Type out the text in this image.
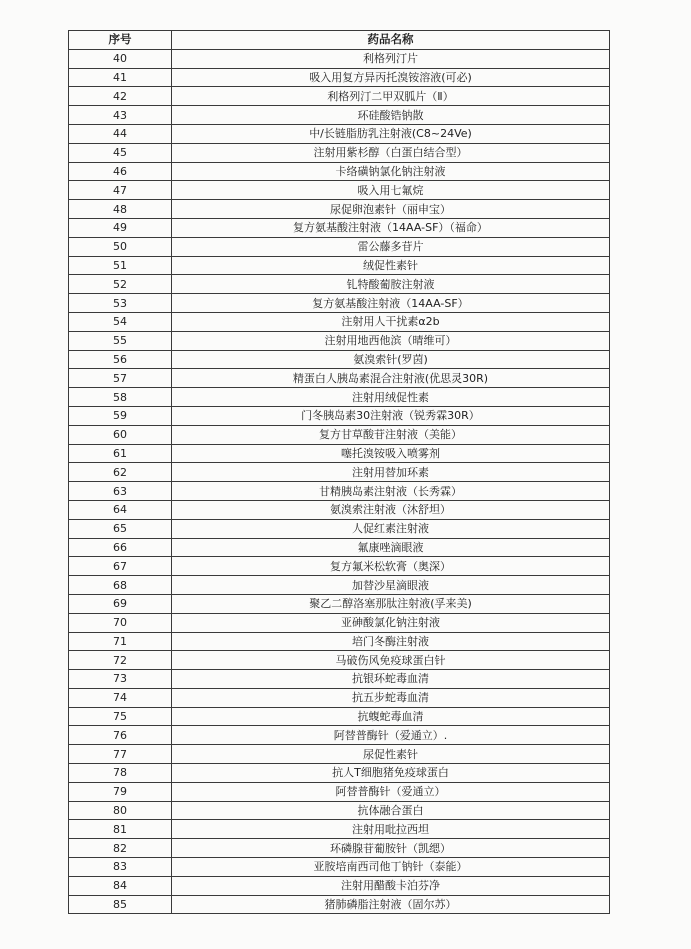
序号	药品名称
40	利格列汀片
41	吸入用复方异丙托溴铵溶液(可必)
42	利格列汀二甲双胍片（Ⅱ）
43	环硅酸锆钠散
44	中/长链脂肪乳注射液(C8~24Ve)
45	注射用紫杉醇（白蛋白结合型）
46	卡络磺钠氯化钠注射液
47	吸入用七氟烷
48	尿促卵泡素针（丽申宝）
49	复方氨基酸注射液（14AA-SF）（福命）
50	雷公藤多苷片
51	绒促性素针
52	钆特酸葡胺注射液
53	复方氨基酸注射液（14AA-SF）
54	注射用人干扰素α2b
55	注射用地西他滨（晴维可）
56	氨溴索针(罗茵)
57	精蛋白人胰岛素混合注射液(优思灵30R)
58	注射用绒促性素
59	门冬胰岛素30注射液（锐秀霖30R）
60	复方甘草酸苷注射液（美能）
61	噻托溴铵吸入喷雾剂
62	注射用替加环素
63	甘精胰岛素注射液（长秀霖）
64	氨溴索注射液（沐舒坦）
65	人促红素注射液
66	氟康唑滴眼液
67	复方氟米松软膏（奥深）
68	加替沙星滴眼液
69	聚乙二醇洛塞那肽注射液(孚来美)
70	亚砷酸氯化钠注射液
71	培门冬酶注射液
72	马破伤风免疫球蛋白针
73	抗银环蛇毒血清
74	抗五步蛇毒血清
75	抗蝮蛇毒血清
76	阿替普酶针（爱通立）.
77	尿促性素针
78	抗人T细胞猪免疫球蛋白
79	阿替普酶针（爱通立）
80	抗体融合蛋白
81	注射用吡拉西坦
82	环磷腺苷葡胺针（凯缌）
83	亚胺培南西司他丁钠针（泰能）
84	注射用醋酸卡泊芬净
85	猪肺磷脂注射液（固尔苏）
